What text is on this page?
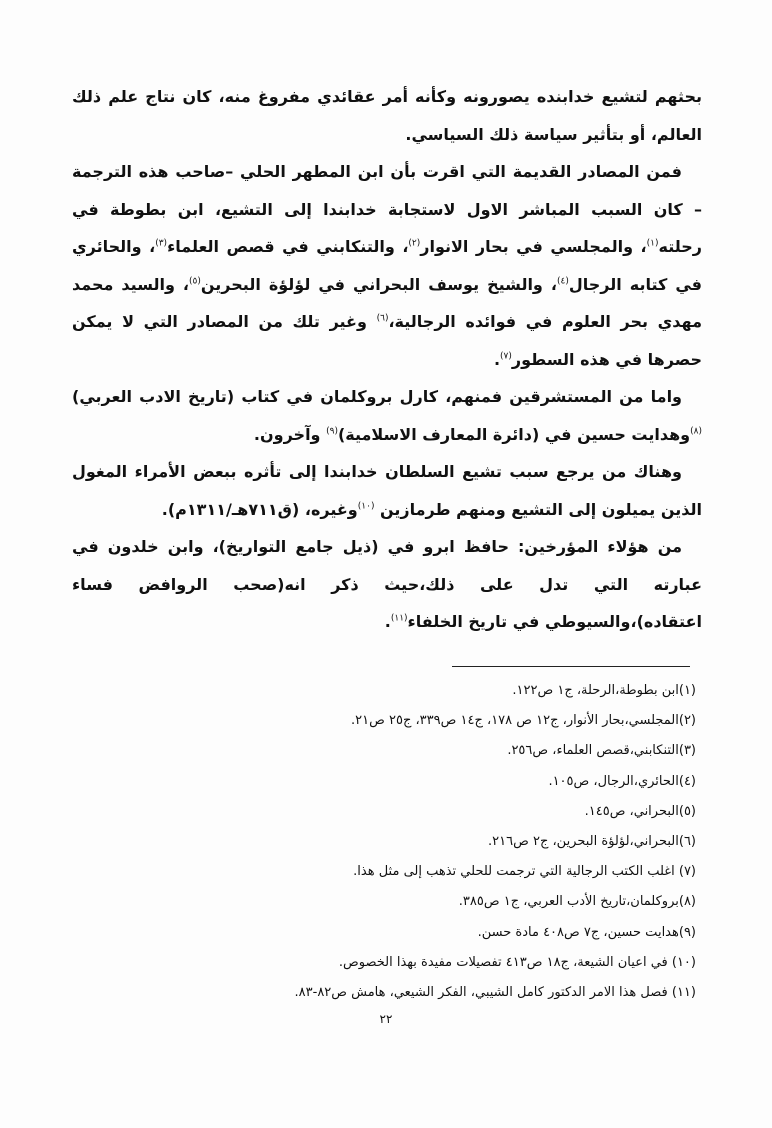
بحثهم لتشيع خدابنده يصورونه وكأنه أمر عقائدي مفروغ منه، كان نتاج علم ذلك العالم، أو بتأثير سياسة ذلك السياسي.

فمن المصادر القديمة التي اقرت بأن ابن المطهر الحلي –صاحب هذه الترجمة – كان السبب المباشر الاول لاستجابة خدابندا إلى التشيع، ابن بطوطة في رحلته$^{(١)}$، والمجلسي في بحار الانوار$^{(٢)}$، والتنكابني في قصص العلماء$^{(٣)}$، والحائري في كتابه الرجال$^{(٤)}$، والشيخ يوسف البحراني في لؤلؤة البحرين$^{(٥)}$، والسيد محمد مهدي بحر العلوم في فوائده الرجالية،$^{(٦)}$ وغير تلك من المصادر التي لا يمكن حصرها في هذه السطور$^{(٧)}$.

واما من المستشرقين فمنهم، كارل بروكلمان في كتاب (تاريخ الادب العربي)$^{(٨)}$وهدايت حسين في (دائرة المعارف الاسلامية)$^{(٩)}$ وآخرون.

وهناك من يرجع سبب تشيع السلطان خدابندا إلى تأثره ببعض الأمراء المغول الذين يميلون إلى التشيع ومنهم طرمازين $^{(١٠)}$وغيره، (ق٧١١هـ/١٣١١م).

من هؤلاء المؤرخين: حافظ ابرو في (ذيل جامع التواريخ)، وابن خلدون في عبارته التي تدل على ذلك،حيث ذكر انه(صحب الروافض فساء اعتقاده)،والسيوطي في تاريخ الخلفاء$^{(١١)}$.

(١)ابن بطوطة،الرحلة، ج١ ص١٢٢.
(٢)المجلسي،بحار الأنوار، ج١٢ ص ١٧٨، ج١٤ ص٣٣٩، ج٢٥ ص٢١.
(٣)التنكابني،قصص العلماء، ص٢٥٦.
(٤)الحائري،الرجال، ص١٠٥.
(٥)البحراني، ص١٤٥.
(٦)البحراني،لؤلؤة البحرين، ج٢ ص٢١٦.
(٧) اغلب الكتب الرجالية التي ترجمت للحلي تذهب إلى مثل هذا.
(٨)بروكلمان،تاريخ الأدب العربي، ج١ ص٣٨٥.
(٩)هدايت حسين، ج٧ ص٤٠٨ مادة حسن.
(١٠) في اعيان الشيعة، ج١٨ ص٤١٣ تفصيلات مفيدة بهذا الخصوص.
(١١) فصل هذا الامر الدكتور كامل الشيبي، الفكر الشيعي، هامش ص٨٢-٨٣.
٢٢
